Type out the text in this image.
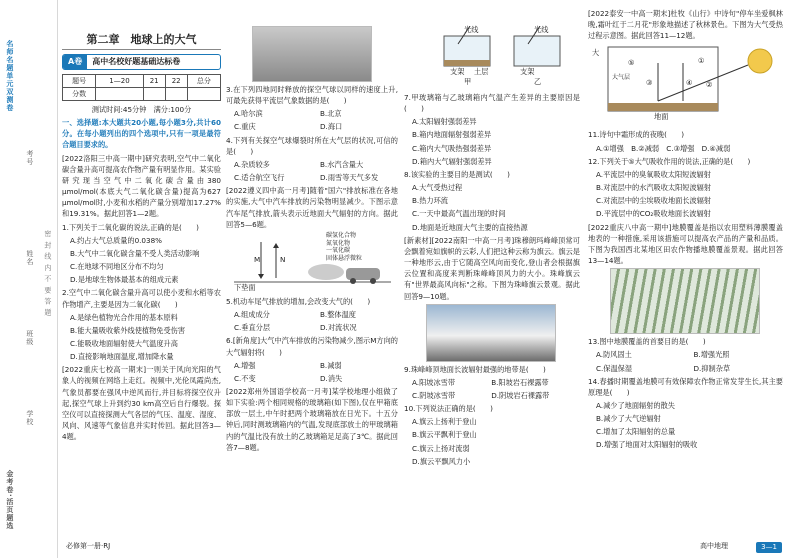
名师名题单元双测卷
考号
姓名
班级
学校
密 封 线 内 不 要 答 题
金考卷·活页题选
第二章　地球上的大气
A卷	高中名校好题基础达标卷
题号	1—20	21	22	总分
分数				

测试时间:45分钟　满分:100分

一、选择题:本大题共20小题,每小题3分,共计60分。在每小题列出的四个选项中,只有一项是最符合题目要求的。

[2022洛阳三中高一期中]研究表明,空气中二氧化碳含量升高可提高农作物产量有明显作用。某实验研究现当空气中二氧化碳含量由380 μmol/mol(本底大气二氧化碳含量)提高为627 μmol/mol时,小麦和水稻的产量分别增加17.27%和19.31%。据此回答1—2题。

1.下列关于二氧化碳的说法,正确的是(　　)

A.约占大气总质量的0.038%

B.大气中二氧化碳含量不受人类活动影响

C.在地球不同地区分布不均匀

D.是地球生物体最基本的组成元素

2.空气中二氧化碳含量升高可以使小麦和水稻等农作物增产,主要是因为二氧化碳(　　)

A.是绿色植物光合作用的基本原料

B.能大量吸收紫外线使植物免受伤害

C.能吸收地面辐射使大气温度升高

D.直接影响地面温度,增加降水量

[2022重庆七校高一期末]一则关于风向光阳的气象人的视频在网络上走红。视频中,光伦凤霞尚杰,气象员都要在强风中逆风而行,并目标将探空仪升起,探空气球上升到约30 km高空后自行爆裂。探空仪可以直接探测大气各层的气压、温度、湿度、风向、风速等气象信息并实时传回。据此回答3—4题。

3.在下列四地同时释放的探空气球以同样的速度上升,可最先获得平流层气象数据的是(　　)

A.哈尔滨	B.北京

C.重庆	D.海口

4.下列有关探空气球爆裂时所在大气层的状况,可信的是(　　)

A.杂质较多	B.水汽含量大

C.适合航空飞行	D.雨雪等天气多发

[2022遵义四中高一月考]随着"国六"排放标准在各地的实施,大气中汽车排放的污染物明显减少。下图示意汽车尾气排放,箭头表示近地面大气辐射的方向。据此回答5—6题。

M	N
下垫面
碳氢化合物
氮氧化物
一氧化碳
固体悬浮微粒

5.机动车尾气排放的增加,会改变大气的(　　)

A.组成成分	B.整体温度

C.垂直分层	D.对流状况

6.[新角度]大气中汽车排放的污染物减少,图示M方向的大气辐射将(　　)

A.增强	B.减弱

C.不变	D.消失

[2022郑州外国语学校高一月考]某学校地理小组做了如下实验:两个相同规格的玻璃箱(如下图),仅在甲箱底部放一层土,中午时把两个玻璃箱放在日光下。十五分钟后,同时测玻璃箱内的气温,发现底部放土的甲玻璃箱内的气温比没有放土的乙玻璃箱足足高了3℃。据此回答7—8题。

光线	光线
支架 土层	支架
甲	乙

7.甲玻璃箱与乙玻璃箱内气温产生差异的主要原因是(　　)

A.太阳辐射强弱差异

B.箱内地面辐射强弱差异

C.箱内大气吸热强弱差异

D.箱内大气辐射强弱差异

8.该实验的主要目的是测试(　　)

A.大气受热过程

B.热力环流

C.一天中最高气温出现的时间

D.地面是近地面大气主要的直接热源

[新素材][2022南阳一中高一月考]珠穆朗玛峰峰顶常可会飘着宛如旗帜的云彩,人们把这种云称为旗云。旗云是一种地形云,由于它随高空风向而变化,登山者会根据旗云位置和高度来判断珠峰峰顶风力的大小。珠峰旗云有"世界最高风向标"之称。下图为珠峰旗云景观。据此回答9—10题。

9.珠峰峰顶地面长波辐射最强的地带是(　　)

A.阳坡冰雪带	B.阳坡岩石裸露带

C.阴坡冰雪带	D.阴坡岩石裸露带

10.下列说法正确的是(　　)

A.旗云上扬利于登山

B.旗云平飘利于登山

C.旗云上扬对流弱

D.旗云平飘风力小

[2022泰安一中高一期末]杜牧《山行》中诗句"停车坐爱枫林晚,霜叶红于二月花"形象地描述了秋林景色。下图为大气受热过程示意图。据此回答11—12题。

大
大气层
地面
①
②
③	④
⑤

11.诗句中霜形成的夜晚(　　)

A.①增强　B.②减弱　C.③增强　D.④减弱

12.下列关于⑤大气吸收作用的说法,正确的是(　　)

A.平流层中的臭氧吸收太阳短波辐射

B.对流层中的水汽吸收太阳短波辐射

C.对流层中的尘埃吸收地面长波辐射

D.平流层中的CO₂吸收地面长波辐射

[2022重庆八中高一期中]地膜覆盖是指以农用塑料薄膜覆盖地表的一种措施,采用该措施可以提高农产品的产量和品质。下图为我国西北某地区田农作物播地膜覆盖景观。据此回答13—14题。

13.图中地膜覆盖的首要目的是(　　)

A.防风固土	B.增强光照

C.保温保湿	D.抑制杂草

14.春播时期覆盖地膜可有效保障农作物正常发芽生长,其主要原理是(　　)

A.减少了地面辐射的散失

B.减少了大气逆辐射

C.增加了太阳辐射的总量

D.增强了地面对太阳辐射的吸收

必修第一册·RJ	高中地理	3—1
